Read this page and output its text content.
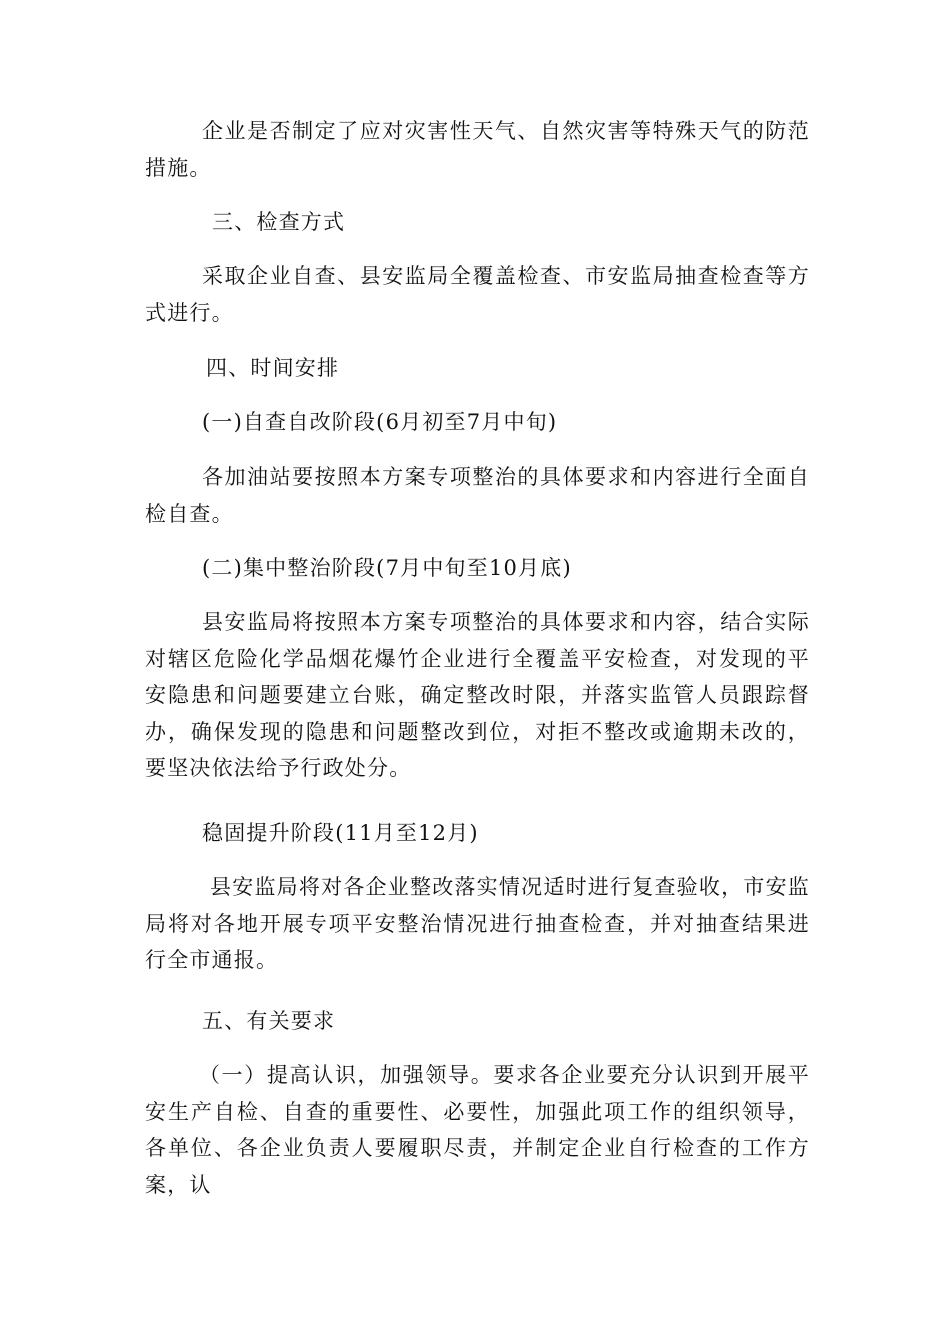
企业是否制定了应对灾害性天气、自然灾害等特殊天气的防范措施。
三、检查方式
采取企业自查、县安监局全覆盖检查、市安监局抽查检查等方式进行。
四、时间安排
(一)自查自改阶段(6月初至7月中旬)
各加油站要按照本方案专项整治的具体要求和内容进行全面自检自查。
(二)集中整治阶段(7月中旬至10月底)
县安监局将按照本方案专项整治的具体要求和内容，结合实际对辖区危险化学品烟花爆竹企业进行全覆盖平安检查，对发现的平安隐患和问题要建立台账，确定整改时限，并落实监管人员跟踪督办，确保发现的隐患和问题整改到位，对拒不整改或逾期未改的，要坚决依法给予行政处分。
稳固提升阶段(11月至12月)
县安监局将对各企业整改落实情况适时进行复查验收，市安监局将对各地开展专项平安整治情况进行抽查检查，并对抽查结果进行全市通报。
五、有关要求
（一）提高认识，加强领导。要求各企业要充分认识到开展平安生产自检、自查的重要性、必要性，加强此项工作的组织领导，各单位、各企业负责人要履职尽责，并制定企业自行检查的工作方案，认
